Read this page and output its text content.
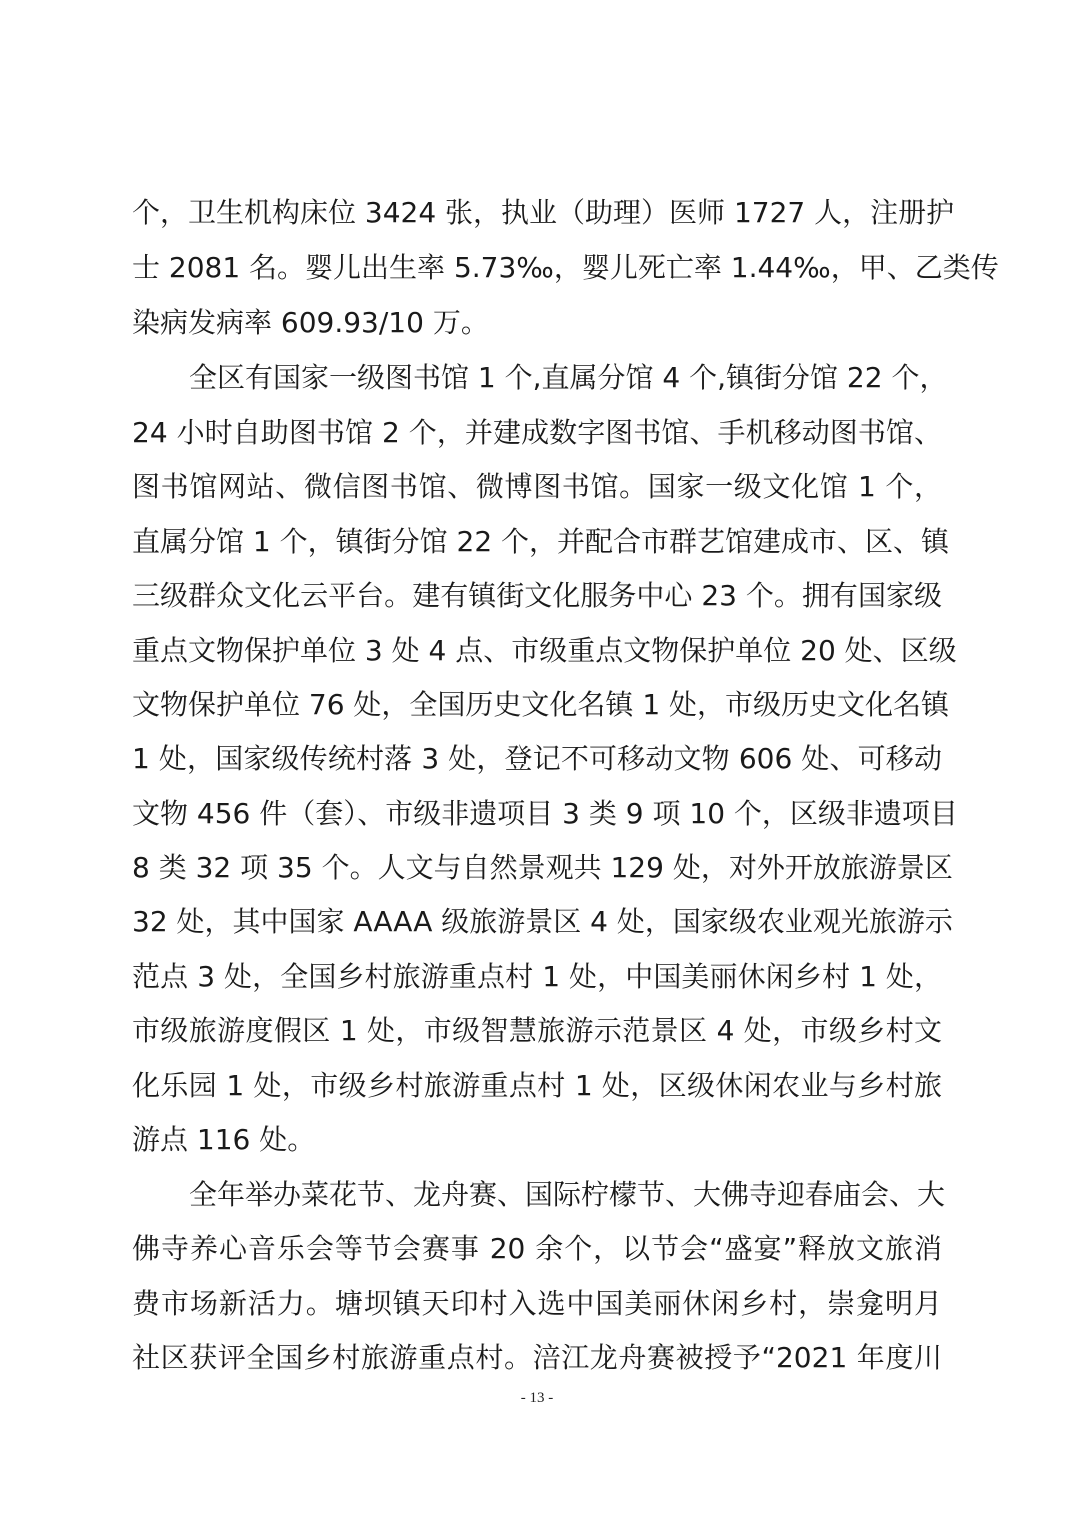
个，卫生机构床位 3424 张，执业（助理）医师 1727 人，注册护
士 2081 名。婴儿出生率 5.73‰，婴儿死亡率 1.44‰，甲、乙类传
染病发病率 609.93/10 万。
全区有国家一级图书馆 1 个,直属分馆 4 个,镇街分馆 22 个，
24 小时自助图书馆 2 个，并建成数字图书馆、手机移动图书馆、
图书馆网站、微信图书馆、微博图书馆。国家一级文化馆 1 个，
直属分馆 1 个，镇街分馆 22 个，并配合市群艺馆建成市、区、镇
三级群众文化云平台。建有镇街文化服务中心 23 个。拥有国家级
重点文物保护单位 3 处 4 点、市级重点文物保护单位 20 处、区级
文物保护单位 76 处，全国历史文化名镇 1 处，市级历史文化名镇
1 处，国家级传统村落 3 处，登记不可移动文物 606 处、可移动
文物 456 件（套）、市级非遗项目 3 类 9 项 10 个，区级非遗项目
8 类 32 项 35 个。人文与自然景观共 129 处，对外开放旅游景区
32 处，其中国家 AAAA 级旅游景区 4 处，国家级农业观光旅游示
范点 3 处，全国乡村旅游重点村 1 处，中国美丽休闲乡村 1 处，
市级旅游度假区 1 处，市级智慧旅游示范景区 4 处，市级乡村文
化乐园 1 处，市级乡村旅游重点村 1 处，区级休闲农业与乡村旅
游点 116 处。
全年举办菜花节、龙舟赛、国际柠檬节、大佛寺迎春庙会、大
佛寺养心音乐会等节会赛事 20 余个，以节会“盛宴”释放文旅消
费市场新活力。塘坝镇天印村入选中国美丽休闲乡村，崇龛明月
社区获评全国乡村旅游重点村。涪江龙舟赛被授予“2021 年度川
- 13 -
